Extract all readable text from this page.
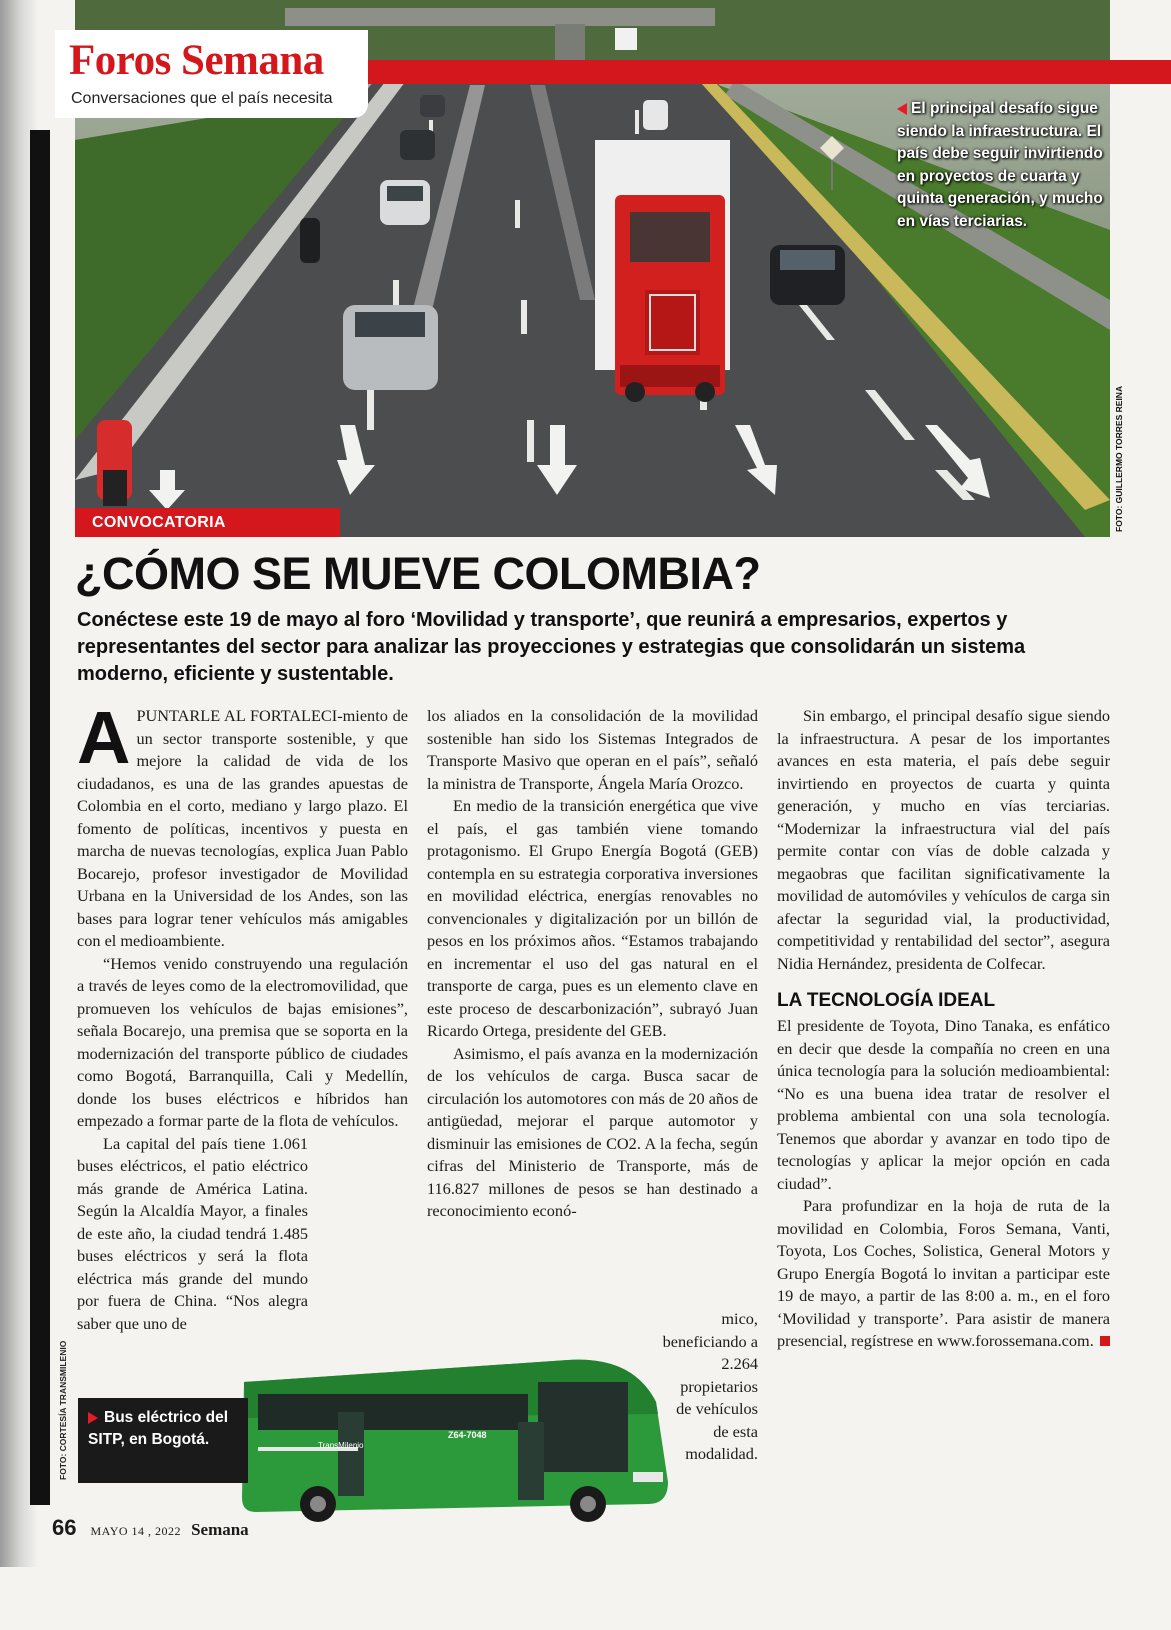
Foros Semana
Conversaciones que el país necesita
El principal desafío sigue siendo la infraestructura. El país debe seguir invirtiendo en proyectos de cuarta y quinta generación, y mucho en vías terciarias.
FOTO: GUILLERMO TORRES REINA
CONVOCATORIA
¿CÓMO SE MUEVE COLOMBIA?
Conéctese este 19 de mayo al foro ‘Movilidad y transporte’, que reunirá a empresarios, expertos y representantes del sector para analizar las proyecciones y estrategias que consolidarán un sistema moderno, eficiente y sustentable.

APUNTARLE AL FORTALECI-miento de un sector transporte sostenible, y que mejore la calidad de vida de los ciudadanos, es una de las grandes apuestas de Colombia en el corto, mediano y largo plazo. El fomento de políticas, incentivos y puesta en marcha de nuevas tecnologías, explica Juan Pablo Bocarejo, profesor investigador de Movilidad Urbana en la Universidad de los Andes, son las bases para lograr tener vehículos más amigables con el medioambiente.

“Hemos venido construyendo una regulación a través de leyes como de la electromovilidad, que promueven los vehículos de bajas emisiones”, señala Bocarejo, una premisa que se soporta en la modernización del transporte público de ciudades como Bogotá, Barranquilla, Cali y Medellín, donde los buses eléctricos e híbridos han empezado a formar parte de la flota de vehículos.

La capital del país tiene 1.061 buses eléctricos, el patio eléctrico más grande de América Latina. Según la Alcaldía Mayor, a finales de este año, la ciudad tendrá 1.485 buses eléctricos y será la flota eléctrica más grande del mundo por fuera de China. “Nos alegra saber que uno de

los aliados en la consolidación de la movilidad sostenible han sido los Sistemas Integrados de Transporte Masivo que operan en el país”, señaló la ministra de Transporte, Ángela María Orozco.

En medio de la transición energética que vive el país, el gas también viene tomando protagonismo. El Grupo Energía Bogotá (GEB) contempla en su estrategia corporativa inversiones en movilidad eléctrica, energías renovables no convencionales y digitalización por un billón de pesos en los próximos años. “Estamos trabajando en incrementar el uso del gas natural en el transporte de carga, pues es un elemento clave en este proceso de descarbonización”, subrayó Juan Ricardo Ortega, presidente del GEB.

Asimismo, el país avanza en la modernización de los vehículos de carga. Busca sacar de circulación los automotores con más de 20 años de antigüedad, mejorar el parque automotor y disminuir las emisiones de CO2. A la fecha, según cifras del Ministerio de Transporte, más de 116.827 millones de pesos se han destinado a reconocimiento econó-

mico, beneficiando a 2.264 propietarios de vehículos de esta modalidad.

Sin embargo, el principal desafío sigue siendo la infraestructura. A pesar de los importantes avances en esta materia, el país debe seguir invirtiendo en proyectos de cuarta y quinta generación, y mucho en vías terciarias. “Modernizar la infraestructura vial del país permite contar con vías de doble calzada y megaobras que facilitan significativamente la movilidad de automóviles y vehículos de carga sin afectar la seguridad vial, la productividad, competitividad y rentabilidad del sector”, asegura Nidia Hernández, presidenta de Colfecar.

LA TECNOLOGÍA IDEAL

El presidente de Toyota, Dino Tanaka, es enfático en decir que desde la compañía no creen en una única tecnología para la solución medioambiental: “No es una buena idea tratar de resolver el problema ambiental con una sola tecnología. Tenemos que abordar y avanzar en todo tipo de tecnologías y aplicar la mejor opción en cada ciudad”.

Para profundizar en la hoja de ruta de la movilidad en Colombia, Foros Semana, Vanti, Toyota, Los Coches, Solistica, General Motors y Grupo Energía Bogotá lo invitan a participar este 19 de mayo, a partir de las 8:00 a. m., en el foro ‘Movilidad y transporte’. Para asistir de manera presencial, regístrese en www.forossemana.com.

TransMilenio
Z64-7048
Bus eléctrico del SITP, en Bogotá.
FOTO: CORTESÍA TRANSMILENIO
66 MAYO 14 , 2022 Semana
